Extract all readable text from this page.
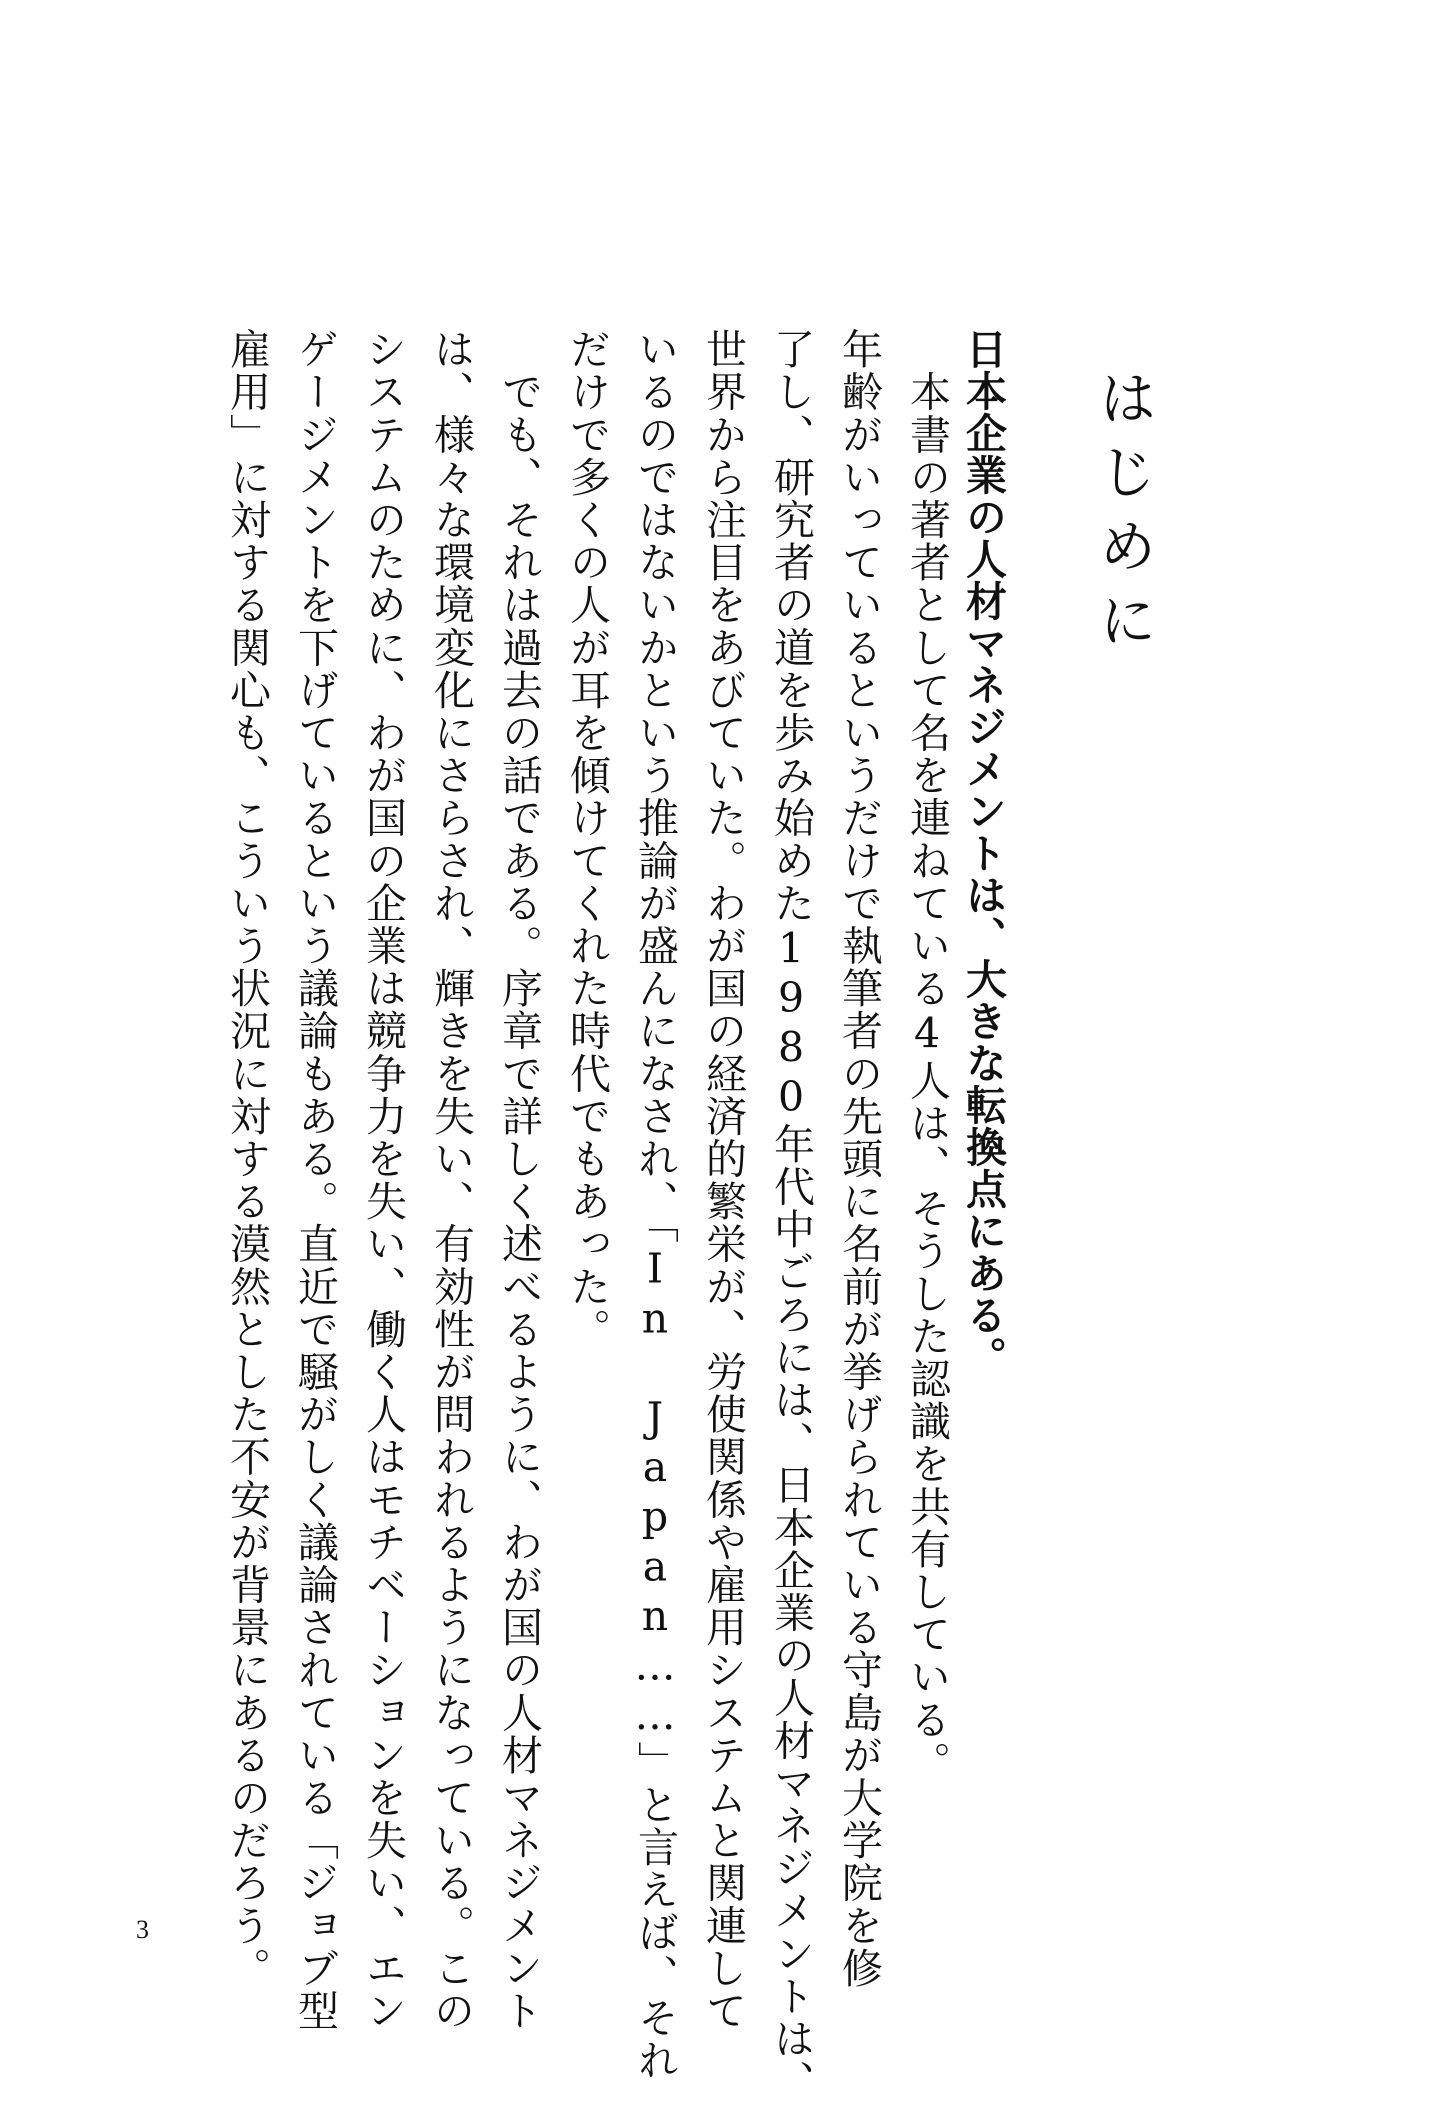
はじめに
日本企業の人材マネジメントは、大きな転換点にある。
　本書の著者として名を連ねている4人は、そうした認識を共有している。
年齢がいっているというだけで執筆者の先頭に名前が挙げられている守島が大学院を修
了し、研究者の道を歩み始めた1980年代中ごろには、日本企業の人材マネジメントは、
世界から注目をあびていた。わが国の経済的繁栄が、労使関係や雇用システムと関連して
いるのではないかという推論が盛んになされ、「In Japan……」と言えば、それ
だけで多くの人が耳を傾けてくれた時代でもあった。
　でも、それは過去の話である。序章で詳しく述べるように、わが国の人材マネジメント
は、様々な環境変化にさらされ、輝きを失い、有効性が問われるようになっている。この
システムのために、わが国の企業は競争力を失い、働く人はモチベーションを失い、エン
ゲージメントを下げているという議論もある。直近で騒がしく議論されている「ジョブ型
雇用」に対する関心も、こういう状況に対する漠然とした不安が背景にあるのだろう。
3
